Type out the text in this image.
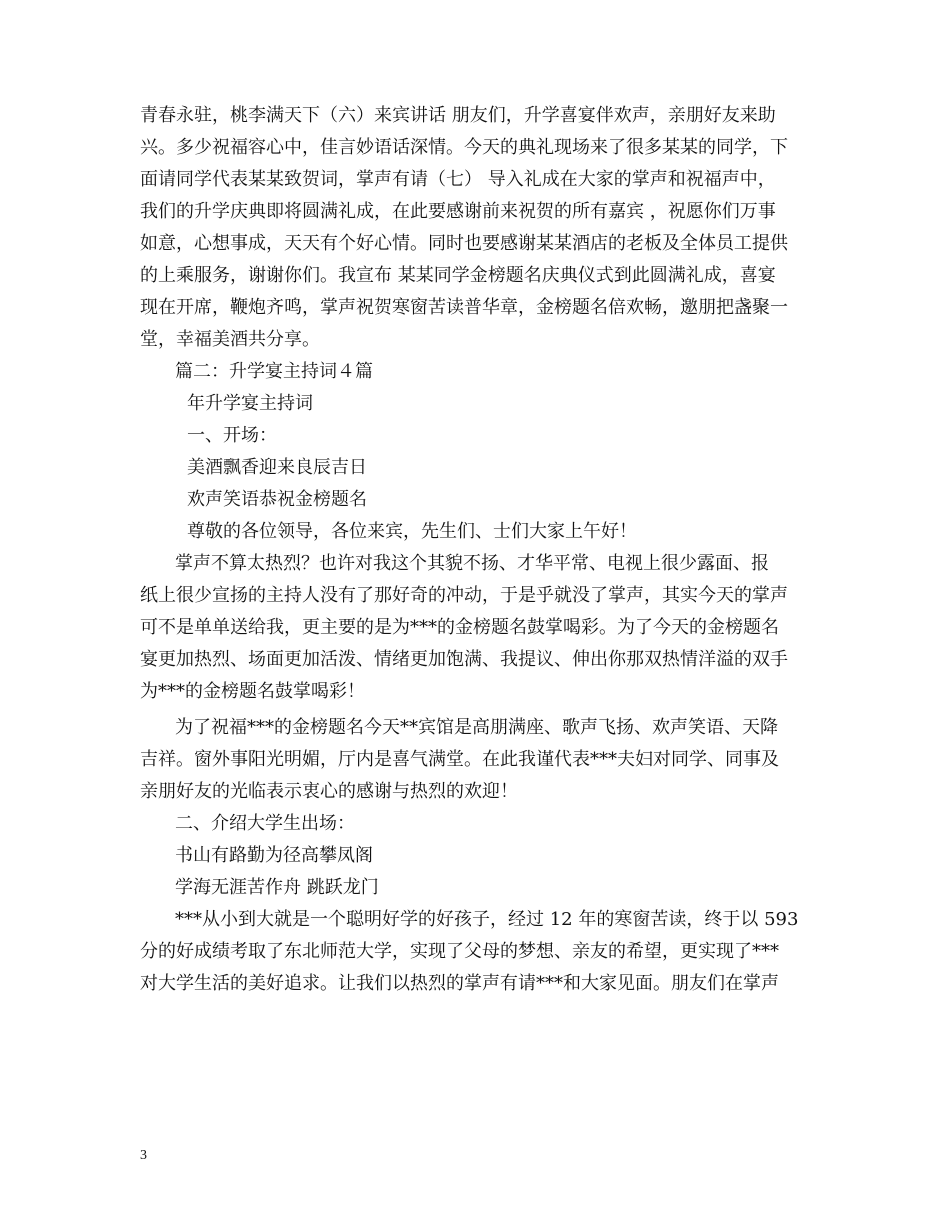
青春永驻，桃李满天下（六）来宾讲话 朋友们，升学喜宴伴欢声，亲朋好友来助
兴。多少祝福容心中，佳言妙语话深情。今天的典礼现场来了很多某某的同学，下
面请同学代表某某致贺词，掌声有请（七） 导入礼成在大家的掌声和祝福声中，
我们的升学庆典即将圆满礼成，在此要感谢前来祝贺的所有嘉宾 ，祝愿你们万事
如意，心想事成，天天有个好心情。同时也要感谢某某酒店的老板及全体员工提供
的上乘服务，谢谢你们。我宣布 某某同学金榜题名庆典仪式到此圆满礼成，喜宴
现在开席，鞭炮齐鸣，掌声祝贺寒窗苦读普华章，金榜题名倍欢畅，邀朋把盏聚一
堂，幸福美酒共分享。
篇二：升学宴主持词４篇
年升学宴主持词
一、开场：
美酒飘香迎来良辰吉日
欢声笑语恭祝金榜题名
尊敬的各位领导，各位来宾，先生们、士们大家上午好！
掌声不算太热烈？也许对我这个其貌不扬、才华平常、电视上很少露面、报
纸上很少宣扬的主持人没有了那好奇的冲动，于是乎就没了掌声，其实今天的掌声
可不是单单送给我，更主要的是为***的金榜题名鼓掌喝彩。为了今天的金榜题名
宴更加热烈、场面更加活泼、情绪更加饱满、我提议、伸出你那双热情洋溢的双手
为***的金榜题名鼓掌喝彩！
为了祝福***的金榜题名今天**宾馆是高朋满座、歌声飞扬、欢声笑语、天降
吉祥。窗外事阳光明媚，厅内是喜气满堂。在此我谨代表***夫妇对同学、同事及
亲朋好友的光临表示衷心的感谢与热烈的欢迎！
二、介绍大学生出场：
书山有路勤为径高攀凤阁
学海无涯苦作舟 跳跃龙门
***从小到大就是一个聪明好学的好孩子，经过 12 年的寒窗苦读，终于以 593
分的好成绩考取了东北师范大学，实现了父母的梦想、亲友的希望，更实现了***
对大学生活的美好追求。让我们以热烈的掌声有请***和大家见面。朋友们在掌声
3
